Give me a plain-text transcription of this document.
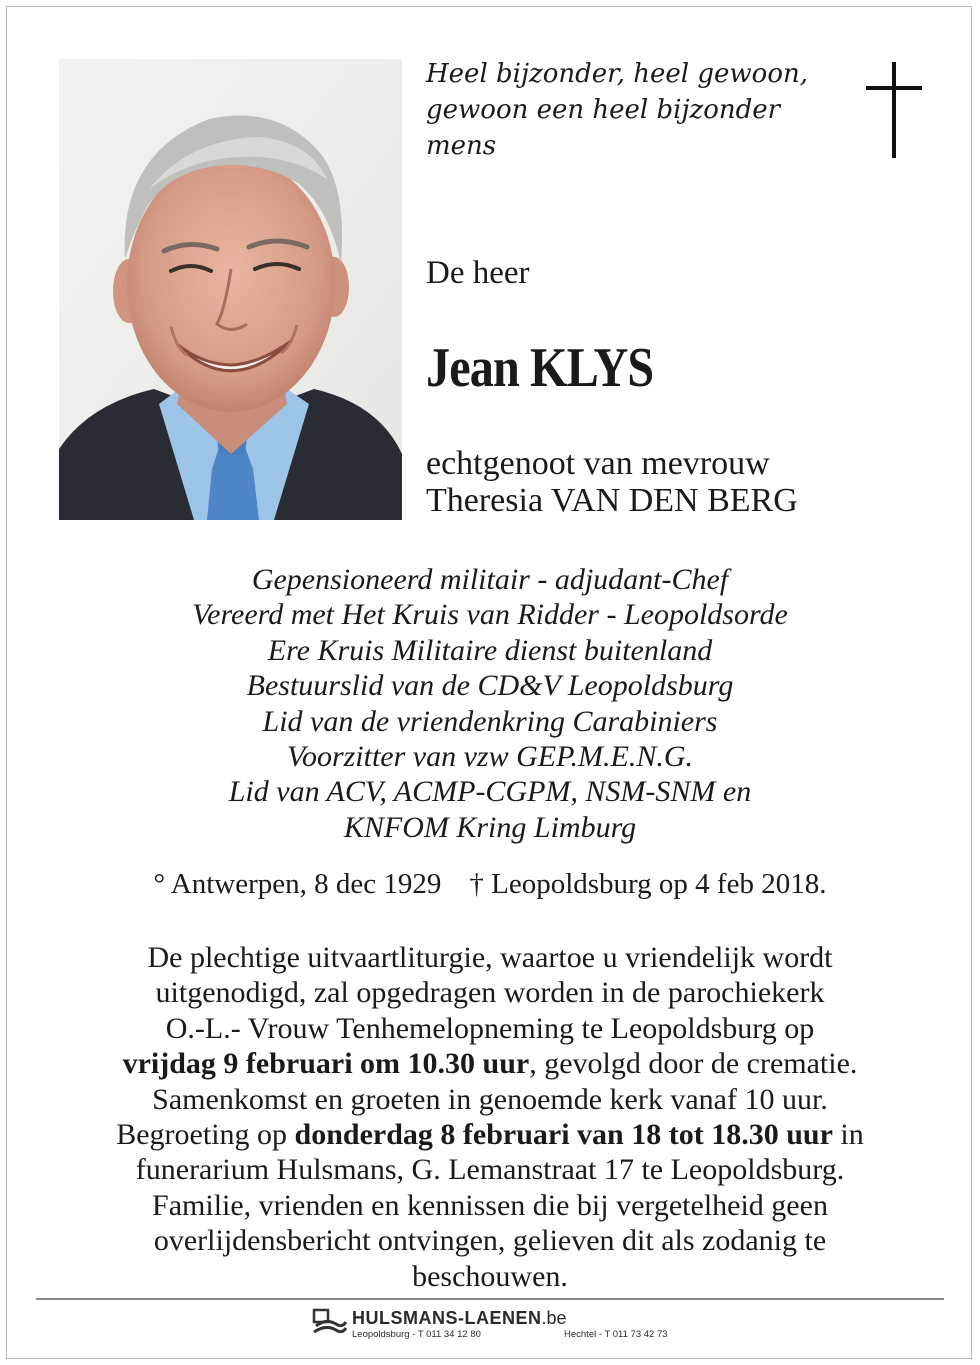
Heel bijzonder, heel gewoon,
gewoon een heel bijzonder
mens
De heer
Jean KLYS
echtgenoot van mevrouw
Theresia VAN DEN BERG
Gepensioneerd militair - adjudant-Chef
Vereerd met Het Kruis van Ridder - Leopoldsorde
Ere Kruis Militaire dienst buitenland
Bestuurslid van de CD&V Leopoldsburg
Lid van de vriendenkring Carabiniers
Voorzitter van vzw GEP.M.E.N.G.
Lid van ACV, ACMP-CGPM, NSM-SNM en
KNFOM Kring Limburg
° Antwerpen, 8 dec 1929 † Leopoldsburg op 4 feb 2018.
De plechtige uitvaartliturgie, waartoe u vriendelijk wordt
uitgenodigd, zal opgedragen worden in de parochiekerk
O.-L.- Vrouw Tenhemelopneming te Leopoldsburg op
vrijdag 9 februari om 10.30 uur, gevolgd door de crematie.
Samenkomst en groeten in genoemde kerk vanaf 10 uur.
Begroeting op donderdag 8 februari van 18 tot 18.30 uur in
funerarium Hulsmans, G. Lemanstraat 17 te Leopoldsburg.
Familie, vrienden en kennissen die bij vergetelheid geen
overlijdensbericht ontvingen, gelieven dit als zodanig te
beschouwen.
HULSMANS-LAENEN.be
Leopoldsburg - T 011 34 12 80	Hechtel - T 011 73 42 73
